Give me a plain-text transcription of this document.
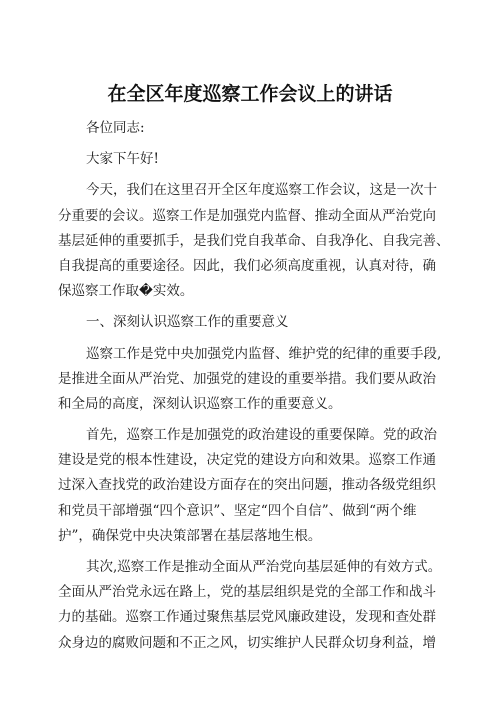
在全区年度巡察工作会议上的讲话
各位同志:
大家下午好!
今天，我们在这里召开全区年度巡察工作会议，这是一次十
分重要的会议。巡察工作是加强党内监督、推动全面从严治党向
基层延伸的重要抓手，是我们党自我革命、自我净化、自我完善、
自我提高的重要途径。因此，我们必须高度重视，认真对待，确
保巡察工作取�实效。
一、深刻认识巡察工作的重要意义
巡察工作是党中央加强党内监督、维护党的纪律的重要手段,
是推进全面从严治党、加强党的建设的重要举措。我们要从政治
和全局的高度，深刻认识巡察工作的重要意义。
首先，巡察工作是加强党的政治建设的重要保障。党的政治
建设是党的根本性建设，决定党的建设方向和效果。巡察工作通
过深入查找党的政治建设方面存在的突出问题，推动各级党组织
和党员干部增强“四个意识”、坚定“四个自信”、做到“两个维
护”，确保党中央决策部署在基层落地生根。
其次,巡察工作是推动全面从严治党向基层延伸的有效方式。
全面从严治党永远在路上，党的基层组织是党的全部工作和战斗
力的基础。巡察工作通过聚焦基层党风廉政建设，发现和查处群
众身边的腐败问题和不正之风，切实维护人民群众切身利益，增
